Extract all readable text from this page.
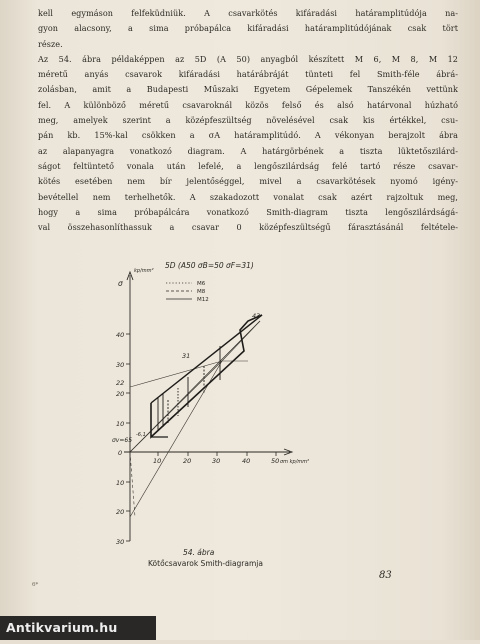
kell egymáson felfeküdniük. A csavarkötés kifáradási határamplitúdója na-
gyon alacsony, a sima próbapálca kifáradási határamplitúdójának csak tört
része.
Az 54. ábra példaképpen az 5D (A 50) anyagból készített M 6, M 8, M 12
méretű anyás csavarok kifáradási határábráját tünteti fel Smith-féle ábrá-
zolásban, amit a Budapesti Műszaki Egyetem Gépelemek Tanszékén vettünk
fel. A különböző méretű csavaroknál közös felső és alsó határvonal húzható
meg, amelyek szerint a középfeszültség növelésével csak kis értékkel, csu-
pán kb. 15%-kal csökken a σA határamplitúdó. A vékonyan berajzolt ábra
az alapanyagra vonatkozó diagram. A határgörbének a tiszta lüktetőszilárd-
ságot feltüntető vonala után lefelé, a lengőszilárdság felé tartó része csavar-
kötés esetében nem bír jelentőséggel, mivel a csavarkötések nyomó igény-
bevétellel nem terhelhetők. A szakadozott vonalat csak azért rajzoltuk meg,
hogy a sima próbapálcára vonatkozó Smith-diagram tiszta lengőszilárdságá-
val összehasonlíthassuk a csavar 0 középfeszültségű fárasztásánál feltétele-
5D (A50 σB=50 σF=31)
M6
M8
M12
kp/mm²
σ
40
30
20
10
0
10
20
30
10	20	30	40	50 σm kp/mm²
σv=65
-6,1
22
31
43
54. ábra
Kötőcsavarok Smith-diagramja
83
6*
Antikvarium.hu
